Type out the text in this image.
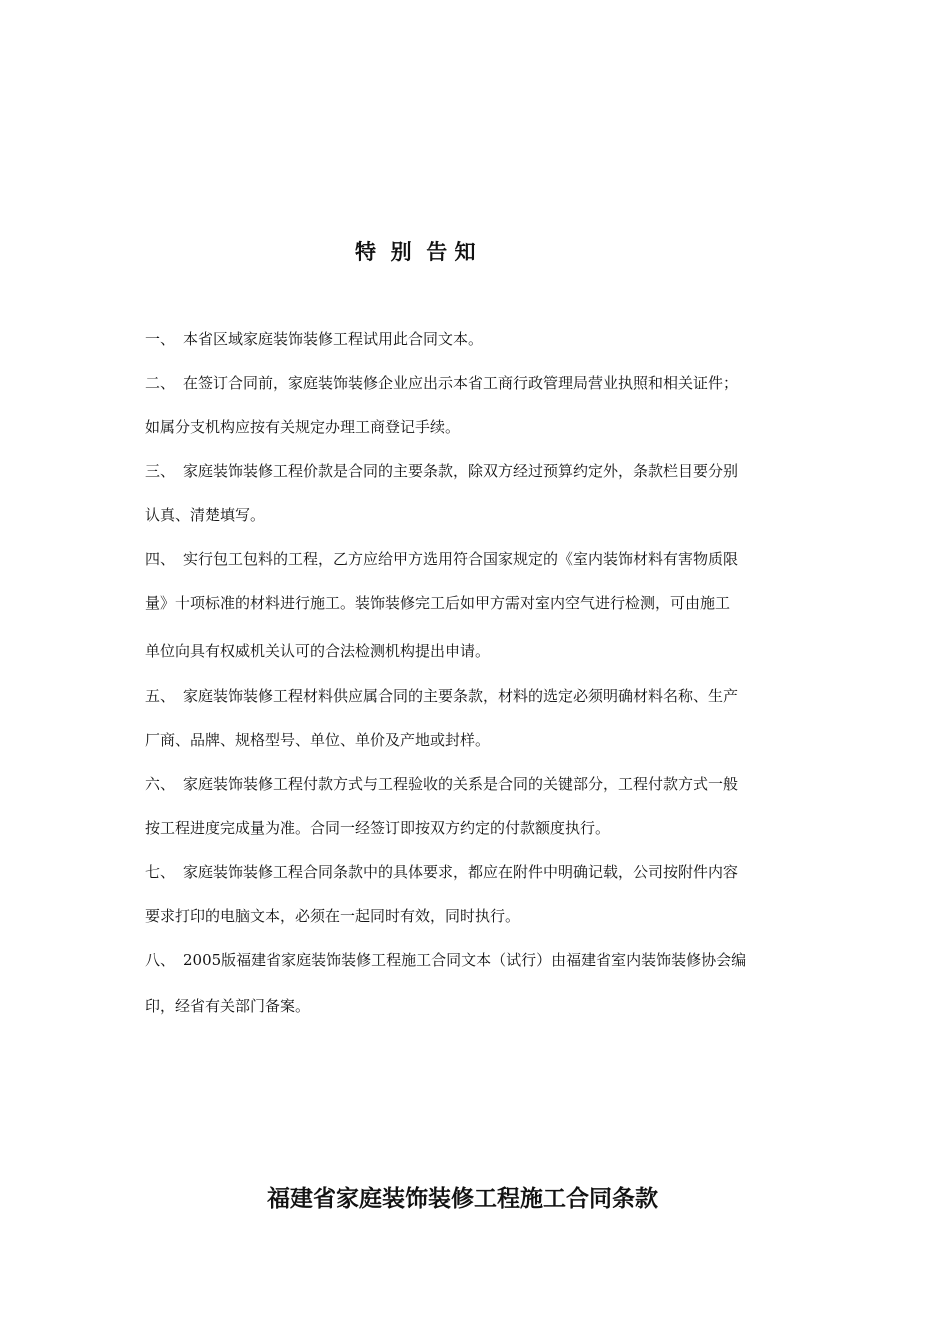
特  别  告 知
一、 本省区域家庭装饰装修工程试用此合同文本。
二、 在签订合同前，家庭装饰装修企业应出示本省工商行政管理局营业执照和相关证件；
如属分支机构应按有关规定办理工商登记手续。
三、 家庭装饰装修工程价款是合同的主要条款，除双方经过预算约定外，条款栏目要分别
认真、清楚填写。
四、 实行包工包料的工程，乙方应给甲方选用符合国家规定的《室内装饰材料有害物质限
量》十项标准的材料进行施工。装饰装修完工后如甲方需对室内空气进行检测，可由施工
单位向具有权威机关认可的合法检测机构提出申请。
五、 家庭装饰装修工程材料供应属合同的主要条款，材料的选定必须明确材料名称、生产
厂商、品牌、规格型号、单位、单价及产地或封样。
六、 家庭装饰装修工程付款方式与工程验收的关系是合同的关键部分，工程付款方式一般
按工程进度完成量为准。合同一经签订即按双方约定的付款额度执行。
七、 家庭装饰装修工程合同条款中的具体要求，都应在附件中明确记载，公司按附件内容
要求打印的电脑文本，必须在一起同时有效，同时执行。
八、 2005版福建省家庭装饰装修工程施工合同文本（试行）由福建省室内装饰装修协会编
印，经省有关部门备案。
福建省家庭装饰装修工程施工合同条款
